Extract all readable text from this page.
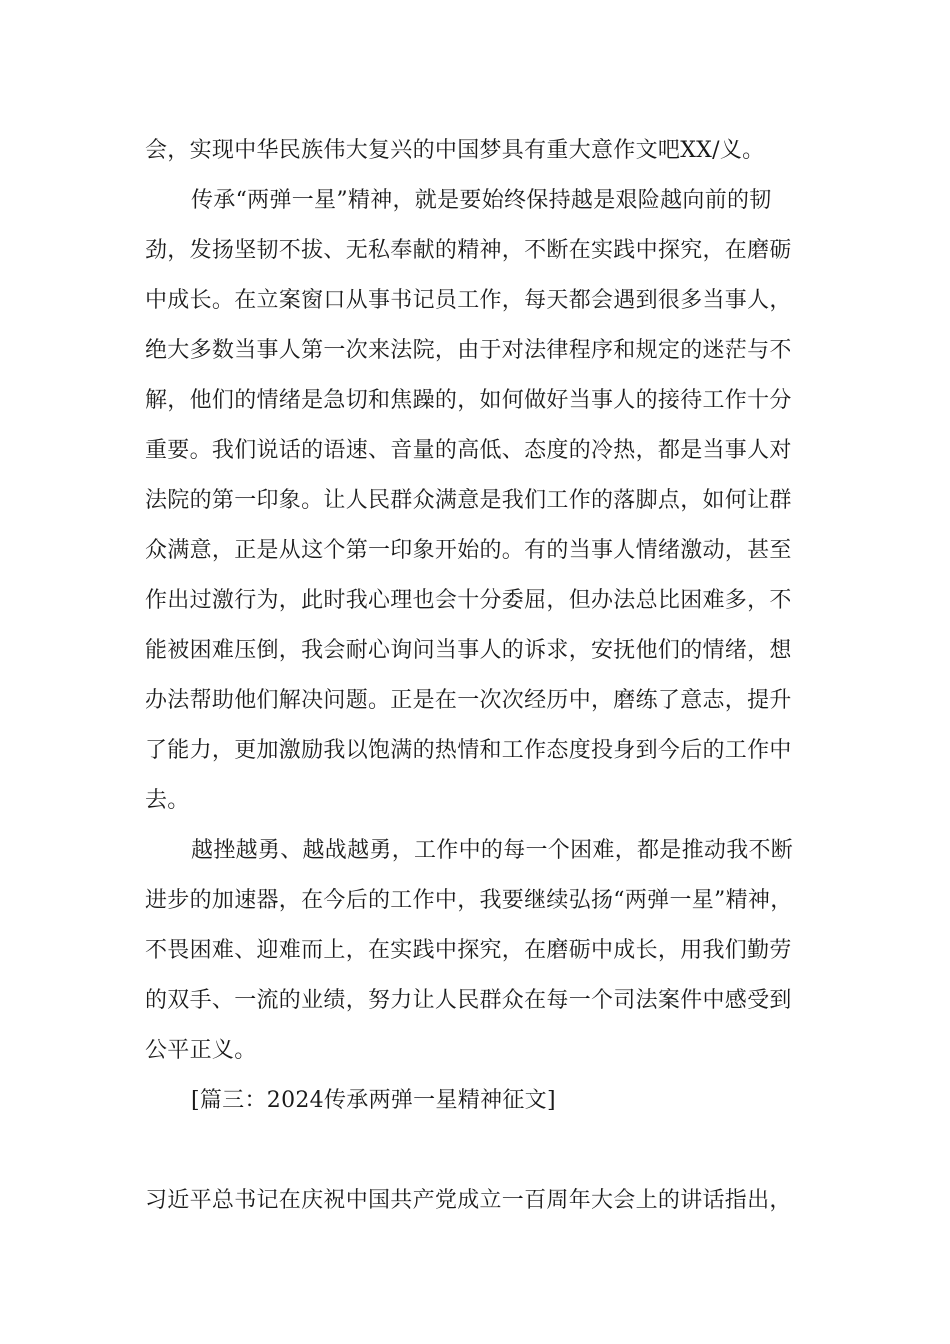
会，实现中华民族伟大复兴的中国梦具有重大意作文吧XX/义。
传承“两弹一星”精神，就是要始终保持越是艰险越向前的韧
劲，发扬坚韧不拔、无私奉献的精神，不断在实践中探究，在磨砺
中成长。在立案窗口从事书记员工作，每天都会遇到很多当事人，
绝大多数当事人第一次来法院，由于对法律程序和规定的迷茫与不
解，他们的情绪是急切和焦躁的，如何做好当事人的接待工作十分
重要。我们说话的语速、音量的高低、态度的冷热，都是当事人对
法院的第一印象。让人民群众满意是我们工作的落脚点，如何让群
众满意，正是从这个第一印象开始的。有的当事人情绪激动，甚至
作出过激行为，此时我心理也会十分委屈，但办法总比困难多，不
能被困难压倒，我会耐心询问当事人的诉求，安抚他们的情绪，想
办法帮助他们解决问题。正是在一次次经历中，磨练了意志，提升
了能力，更加激励我以饱满的热情和工作态度投身到今后的工作中
去。
越挫越勇、越战越勇，工作中的每一个困难，都是推动我不断
进步的加速器，在今后的工作中，我要继续弘扬“两弹一星”精神，
不畏困难、迎难而上，在实践中探究，在磨砺中成长，用我们勤劳
的双手、一流的业绩，努力让人民群众在每一个司法案件中感受到
公平正义。
[篇三：2024传承两弹一星精神征文]
习近平总书记在庆祝中国共产党成立一百周年大会上的讲话指出，
